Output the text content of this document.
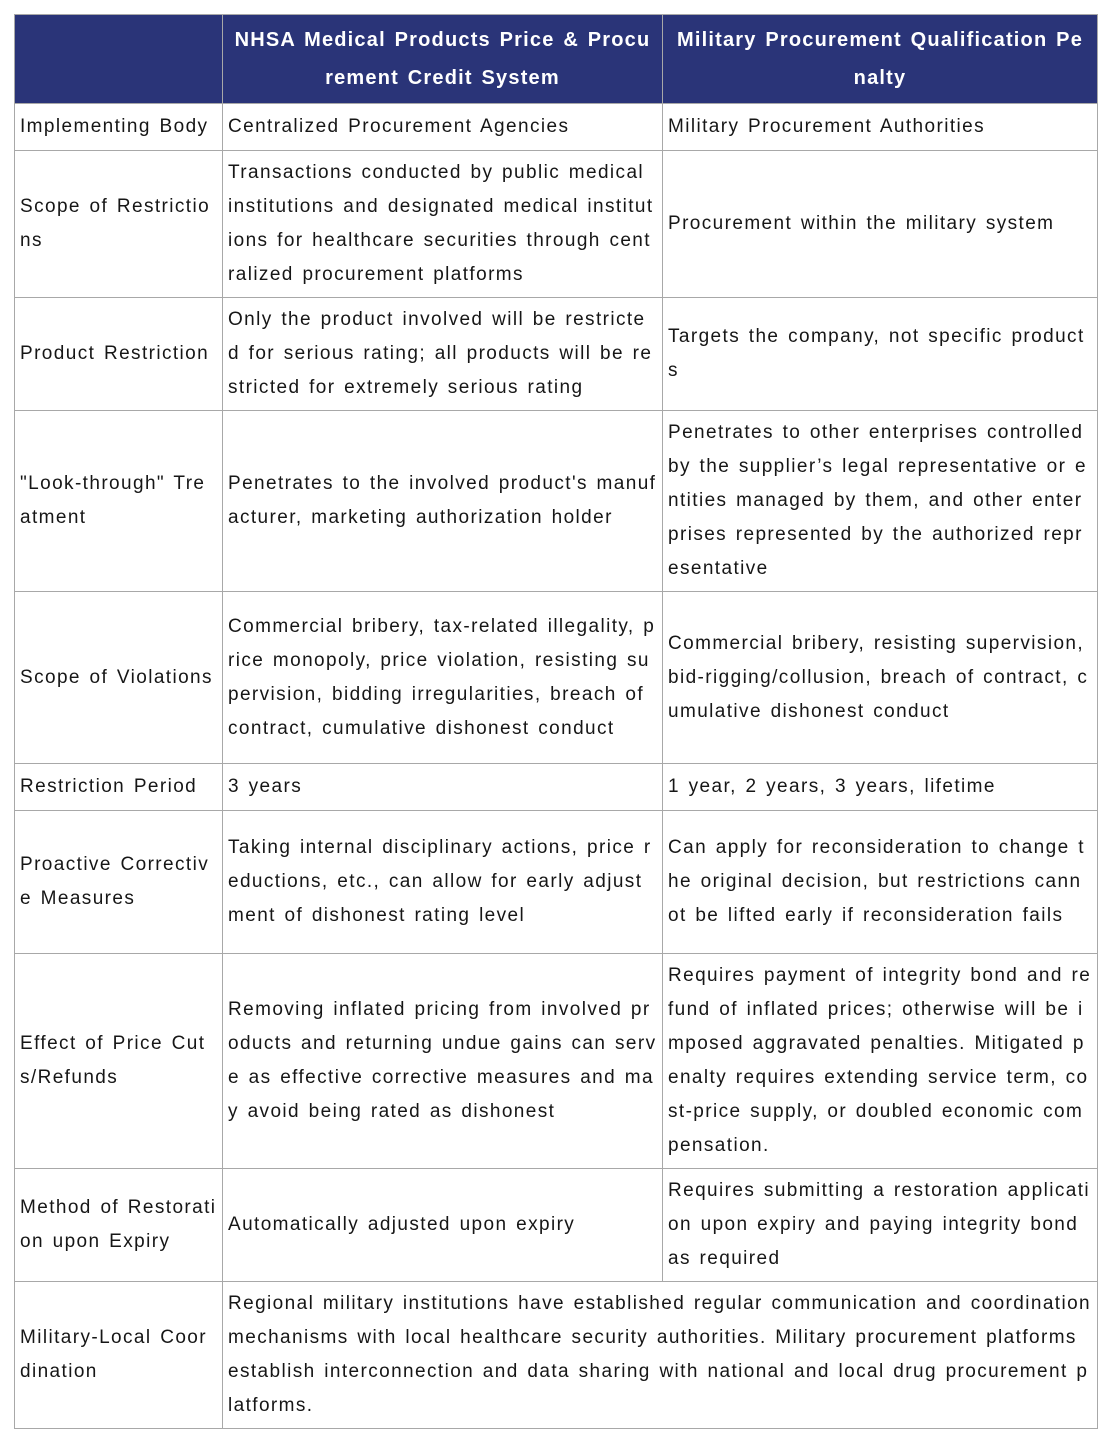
	NHSA Medical Products Price & Procurement Credit System	Military Procurement Qualification Penalty
Implementing Body	Centralized Procurement Agencies	Military Procurement Authorities
Scope of Restrictions	Transactions conducted by public medical institutions and designated medical institutions for healthcare securities through centralized procurement platforms	Procurement within the military system
Product Restriction	Only the product involved will be restricted for serious rating; all products will be restricted for extremely serious rating	Targets the company, not specific products
"Look-through" Treatment	Penetrates to the involved product's manufacturer, marketing authorization holder	Penetrates to other enterprises controlled by the supplier’s legal representative or entities managed by them, and other enterprises represented by the authorized representative
Scope of Violations	Commercial bribery, tax-related illegality, price monopoly, price violation, resisting supervision, bidding irregularities, breach of contract, cumulative dishonest conduct	Commercial bribery, resisting supervision, bid-rigging/collusion, breach of contract, cumulative dishonest conduct
Restriction Period	3 years	1 year, 2 years, 3 years, lifetime
Proactive Corrective Measures	Taking internal disciplinary actions, price reductions, etc., can allow for early adjustment of dishonest rating level	Can apply for reconsideration to change the original decision, but restrictions cannot be lifted early if reconsideration fails
Effect of Price Cuts/Refunds	Removing inflated pricing from involved products and returning undue gains can serve as effective corrective measures and may avoid being rated as dishonest	Requires payment of integrity bond and refund of inflated prices; otherwise will be imposed aggravated penalties. Mitigated penalty requires extending service term, cost-price supply, or doubled economic compensation.
Method of Restoration upon Expiry	Automatically adjusted upon expiry	Requires submitting a restoration application upon expiry and paying integrity bond as required
Military-Local Coordination	Regional military institutions have established regular communication and coordination mechanisms with local healthcare security authorities. Military procurement platforms establish interconnection and data sharing with national and local drug procurement platforms.	
